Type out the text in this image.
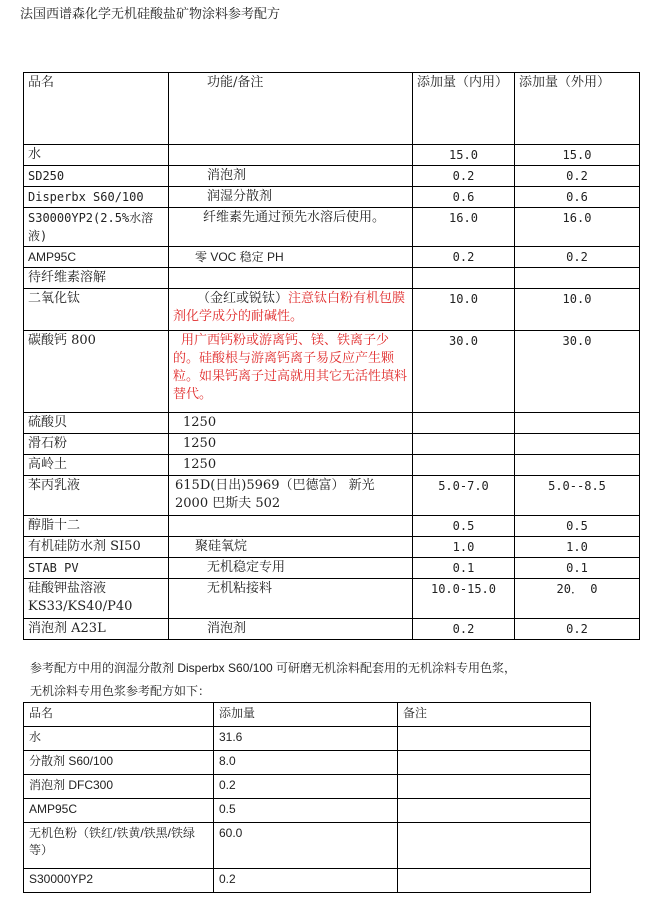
法国西谱森化学无机硅酸盐矿物涂料参考配方
品名	功能/备注	添加量（内用）	添加量（外用）
水		15.0	15.0
SD250	消泡剂	0.2	0.2
Disperbx S60/100	润湿分散剂	0.6	0.6
S30000YP2(2.5%水溶液)	纤维素先通过预先水溶后使用。	16.0	16.0
AMP95C	零 VOC 稳定 PH	0.2	0.2
待纤维素溶解			
二氧化钛	（金红或锐钛）注意钛白粉有机包膜剂化学成分的耐碱性。	10.0	10.0
碳酸钙 800	用广西钙粉或游离钙、镁、铁离子少的。硅酸根与游离钙离子易反应产生颗粒。如果钙离子过高就用其它无活性填料替代。	30.0	30.0
硫酸贝	1250		
滑石粉	1250		
高岭土	1250		
苯丙乳液	615D(日出)5969（巴德富） 新光 2000 巴斯夫 502	5.0-7.0	5.0--8.5
醇脂十二		0.5	0.5
有机硅防水剂 SI50	聚硅氧烷	1.0	1.0
STAB PV	无机稳定专用	0.1	0.1
硅酸钾盐溶液 KS33/KS40/P40	无机粘接料	10.0-15.0	20． 0
消泡剂 A23L	消泡剂	0.2	0.2
参考配方中用的润湿分散剂 Disperbx S60/100 可研磨无机涂料配套用的无机涂料专用色浆，
无机涂料专用色浆参考配方如下：
品名	添加量	备注
水	31.6	
分散剂 S60/100	8.0	
消泡剂 DFC300	0.2	
AMP95C	0.5	
无机色粉（铁红/铁黄/铁黑/铁绿等）	60.0	
S30000YP2	0.2	
